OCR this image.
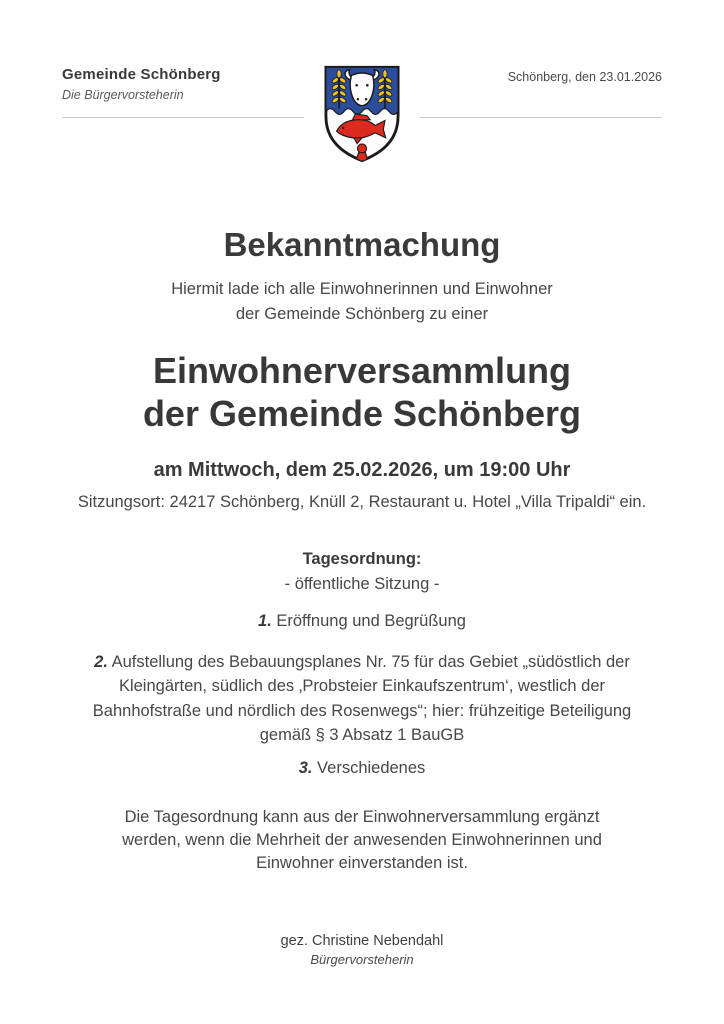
Gemeinde Schönberg
Die Bürgervorsteherin
Schönberg, den 23.01.2026
Bekanntmachung
Hiermit lade ich alle Einwohnerinnen und Einwohner
der Gemeinde Schönberg zu einer
Einwohnerversammlung
der Gemeinde Schönberg
am Mittwoch, dem 25.02.2026, um 19:00 Uhr
Sitzungsort: 24217 Schönberg, Knüll 2, Restaurant u. Hotel „Villa Tripaldi“ ein.
Tagesordnung:
- öffentliche Sitzung -

1. Eröffnung und Begrüßung

2. Aufstellung des Bebauungsplanes Nr. 75 für das Gebiet „südöstlich der Kleingärten, südlich des ‚Probsteier Einkaufszentrum‘, westlich der Bahnhofstraße und nördlich des Rosenwegs“; hier: frühzeitige Beteiligung gemäß § 3 Absatz 1 BauGB

3. Verschiedenes

Die Tagesordnung kann aus der Einwohnerversammlung ergänzt werden, wenn die Mehrheit der anwesenden Einwohnerinnen und Einwohner einverstanden ist.

gez. Christine Nebendahl
Bürgervorsteherin
